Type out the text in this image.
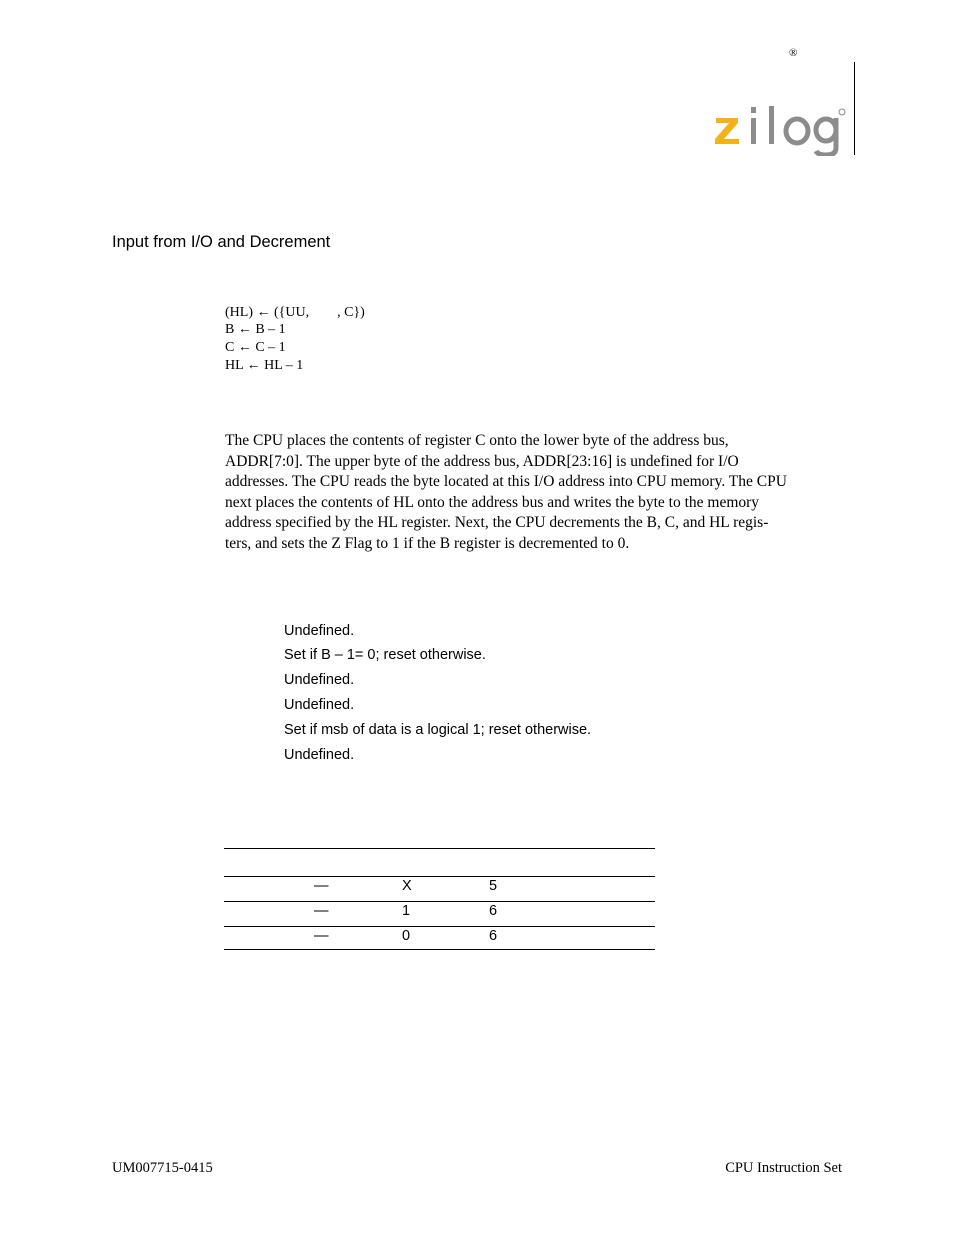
®
Input from I/O and Decrement
(HL) ← ({UU,        , C})
B ← B – 1
C ← C – 1
HL ← HL – 1

The CPU places the contents of register C onto the lower byte of the address bus,
ADDR[7:0]. The upper byte of the address bus, ADDR[23:16] is undefined for I/O
addresses. The CPU reads the byte located at this I/O address into CPU memory. The CPU
next places the contents of HL onto the address bus and writes the byte to the memory
address specified by the HL register. Next, the CPU decrements the B, C, and HL regis-
ters, and sets the Z Flag to 1 if the B register is decremented to 0.

Undefined.
Set if B – 1= 0; reset otherwise.
Undefined.
Undefined.
Set if msb of data is a logical 1; reset otherwise.
Undefined.
—	X	5
—	1	6
—	0	6
UM007715-0415	CPU Instruction Set
